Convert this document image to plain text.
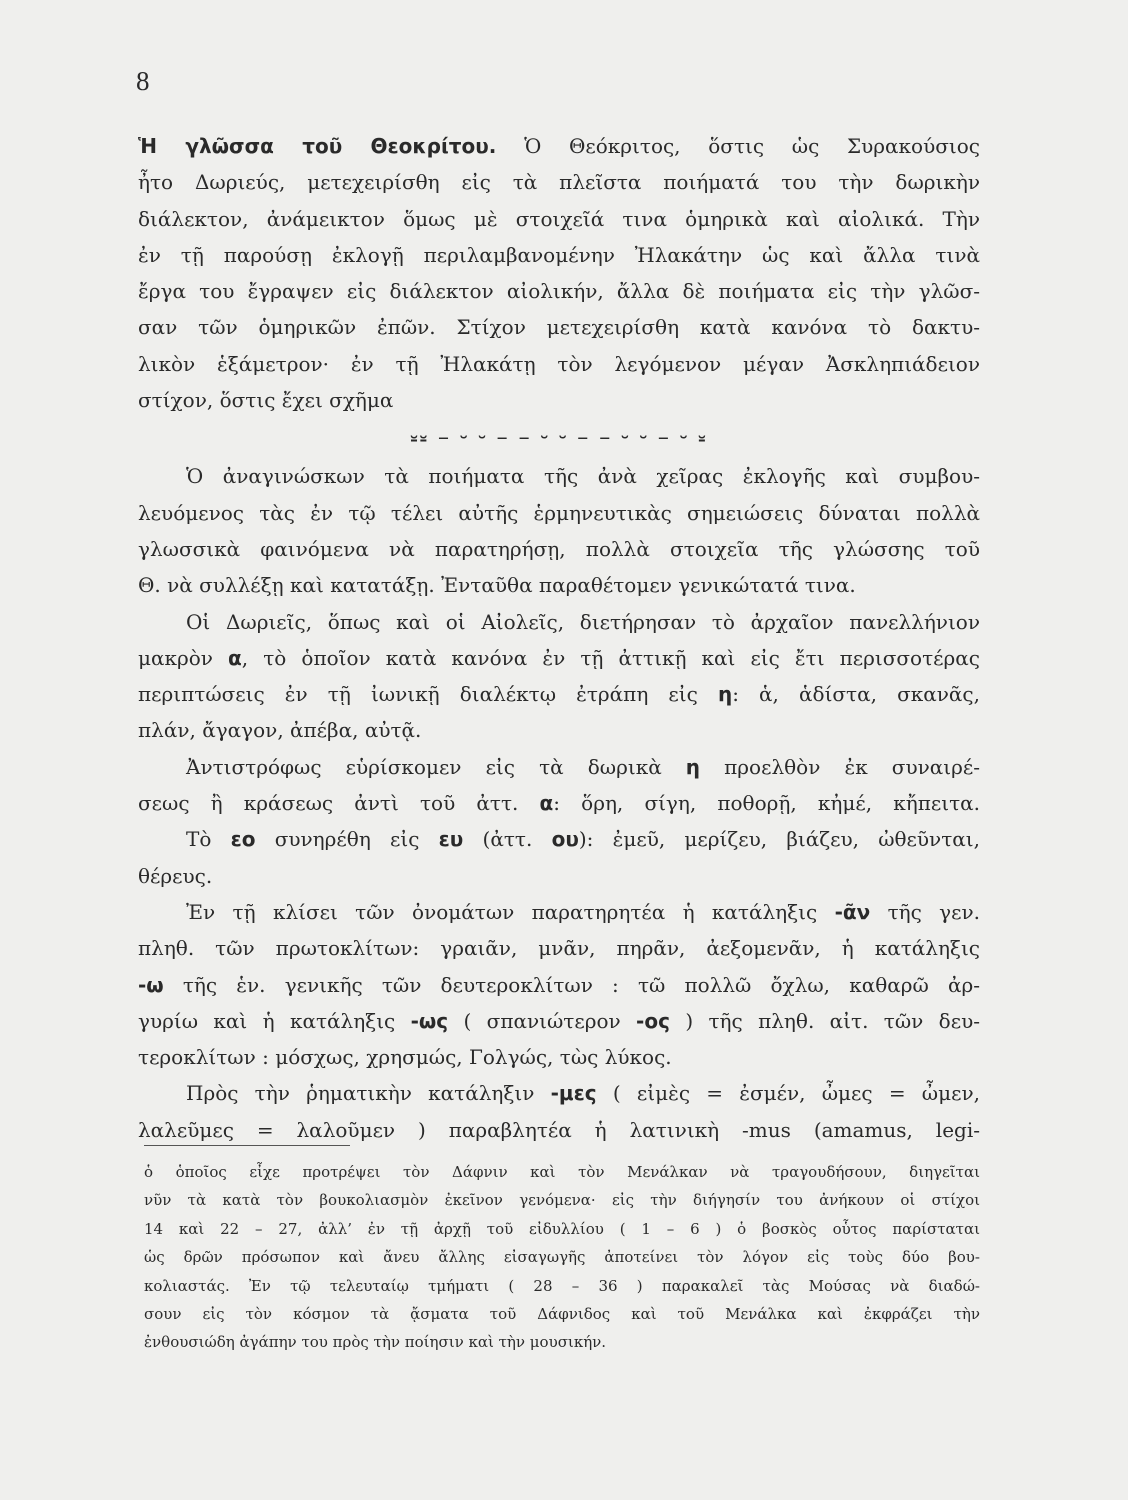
8
Ἡ γλῶσσα τοῦ Θεοκρίτου. Ὁ Θεόκριτος, ὅστις ὡς Συρακούσιος
ἦτο Δωριεύς, μετεχειρίσθη εἰς τὰ πλεῖστα ποιήματά του τὴν δωρικὴν
διάλεκτον, ἀνάμεικτον ὅμως μὲ στοιχεῖά τινα ὁμηρικὰ καὶ αἰολικά. Τὴν
ἐν τῇ παρούσῃ ἐκλογῇ περιλαμβανομένην Ἠλακάτην ὡς καὶ ἄλλα τινὰ
ἔργα του ἔγραψεν εἰς διάλεκτον αἰολικήν, ἄλλα δὲ ποιήματα εἰς τὴν γλῶσ-
σαν τῶν ὁμηρικῶν ἐπῶν. Στίχον μετεχειρίσθη κατὰ κανόνα τὸ δακτυ-
λικὸν ἑξάμετρον· ἐν τῇ Ἠλακάτῃ τὸν λεγόμενον μέγαν Ἀσκληπιάδειον
στίχον, ὅστις ἔχει σχῆμα
⏓⏓ – ⏑ ⏑ – – ⏑ ⏑ – – ⏑ ⏑ – ⏑ ⏓
Ὁ ἀναγινώσκων τὰ ποιήματα τῆς ἀνὰ χεῖρας ἐκλογῆς καὶ συμβου-
λευόμενος τὰς ἐν τῷ τέλει αὐτῆς ἑρμηνευτικὰς σημειώσεις δύναται πολλὰ
γλωσσικὰ φαινόμενα νὰ παρατηρήσῃ, πολλὰ στοιχεῖα τῆς γλώσσης τοῦ
Θ. νὰ συλλέξῃ καὶ κατατάξῃ. Ἐνταῦθα παραθέτομεν γενικώτατά τινα.
Οἱ Δωριεῖς, ὅπως καὶ οἱ Αἰολεῖς, διετήρησαν τὸ ἀρχαῖον πανελλήνιον
μακρὸν α, τὸ ὁποῖον κατὰ κανόνα ἐν τῇ ἀττικῇ καὶ εἰς ἔτι περισσοτέρας
περιπτώσεις ἐν τῇ ἰωνικῇ διαλέκτῳ ἐτράπη εἰς η: ἁ, ἁδίστα, σκανᾶς,
πλάν, ἄγαγον, ἀπέβα, αὐτᾷ.
Ἀντιστρόφως εὑρίσκομεν εἰς τὰ δωρικὰ η προελθὸν ἐκ συναιρέ-
σεως ἢ κράσεως ἀντὶ τοῦ ἀττ. α: ὅρη, σίγη, ποθορῇ, κἠμέ, κἤπειτα.
Τὸ εο συνηρέθη εἰς ευ (ἀττ. ου): ἐμεῦ, μερίζευ, βιάζευ, ὠθεῦνται,
θέρευς.
Ἐν τῇ κλίσει τῶν ὀνομάτων παρατηρητέα ἡ κατάληξις -ᾶν τῆς γεν.
πληθ. τῶν πρωτοκλίτων: γραιᾶν, μνᾶν, πηρᾶν, ἀεξομενᾶν, ἡ κατάληξις
-ω τῆς ἑν. γενικῆς τῶν δευτεροκλίτων : τῶ πολλῶ ὄχλω, καθαρῶ ἀρ-
γυρίω καὶ ἡ κατάληξις -ως ( σπανιώτερον -ος ) τῆς πληθ. αἰτ. τῶν δευ-
τεροκλίτων : μόσχως, χρησμώς, Γολγώς, τὼς λύκος.
Πρὸς τὴν ῥηματικὴν κατάληξιν -μες ( εἰμὲς = ἐσμέν, ὦμες = ὦμεν,
λαλεῦμες = λαλοῦμεν ) παραβλητέα ἡ λατινικὴ -mus (amamus, legi-
ὁ ὁποῖος εἶχε προτρέψει τὸν Δάφνιν καὶ τὸν Μενάλκαν νὰ τραγουδήσουν, διηγεῖται
νῦν τὰ κατὰ τὸν βουκολιασμὸν ἐκεῖνον γενόμενα· εἰς τὴν διήγησίν του ἀνήκουν οἱ στίχοι
14 καὶ 22 – 27, ἀλλ’ ἐν τῇ ἀρχῇ τοῦ εἰδυλλίου ( 1 – 6 ) ὁ βοσκὸς οὗτος παρίσταται
ὡς δρῶν πρόσωπον καὶ ἄνευ ἄλλης εἰσαγωγῆς ἀποτείνει τὸν λόγον εἰς τοὺς δύο βου-
κολιαστάς. Ἐν τῷ τελευταίῳ τμήματι ( 28 – 36 ) παρακαλεῖ τὰς Μούσας νὰ διαδώ-
σουν εἰς τὸν κόσμον τὰ ᾄσματα τοῦ Δάφνιδος καὶ τοῦ Μενάλκα καὶ ἐκφράζει τὴν
ἐνθουσιώδη ἀγάπην του πρὸς τὴν ποίησιν καὶ τὴν μουσικήν.
